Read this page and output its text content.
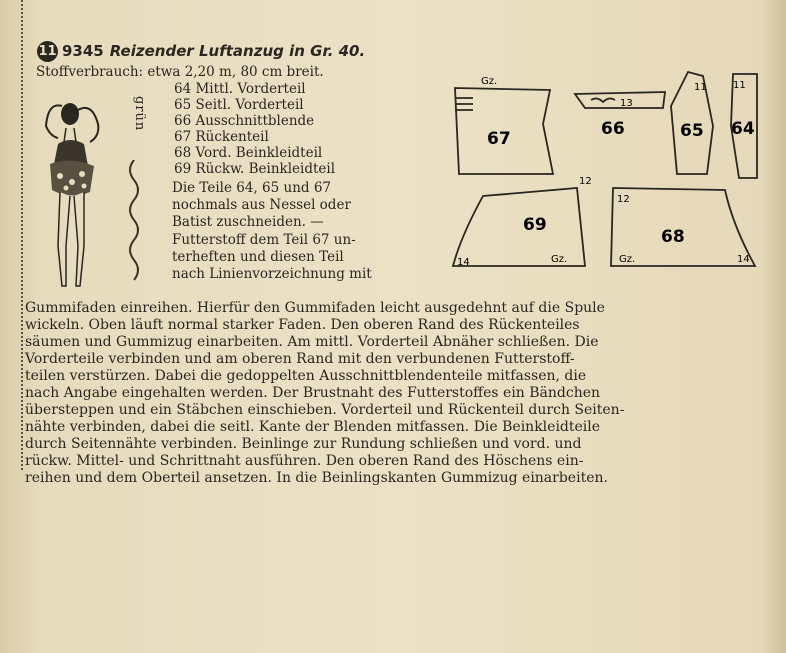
11 9345 Reizender Luftanzug in Gr. 40.
Stoffverbrauch: etwa 2,20 m, 80 cm breit.
64 Mittl. Vorderteil
65 Seitl. Vorderteil
66 Ausschnittblende
67 Rückenteil
68 Vord. Beinkleidteil
69 Rückw. Beinkleidteil
grün
Die Teile 64, 65 und 67
nochmals aus Nessel oder
Batist zuschneiden. —
Futterstoff dem Teil 67 un-
terheften und diesen Teil
nach Linienvorzeichnung mit
Gz.
67
13
66
11
65
11
64
12
14	Gz.
69
12
14
Gz.
68
Gummifaden einreihen. Hierfür den Gummifaden leicht ausgedehnt auf die Spule
wickeln. Oben läuft normal starker Faden. Den oberen Rand des Rückenteiles
säumen und Gummizug einarbeiten. Am mittl. Vorderteil Abnäher schließen. Die
Vorderteile verbinden und am oberen Rand mit den verbundenen Futterstoff-
teilen verstürzen. Dabei die gedoppelten Ausschnittblendenteile mitfassen, die
nach Angabe eingehalten werden. Der Brustnaht des Futterstoffes ein Bändchen
übersteppen und ein Stäbchen einschieben. Vorderteil und Rückenteil durch Seiten-
nähte verbinden, dabei die seitl. Kante der Blenden mitfassen. Die Beinkleidteile
durch Seitennähte verbinden. Beinlinge zur Rundung schließen und vord. und
rückw. Mittel- und Schrittnaht ausführen. Den oberen Rand des Höschens ein-
reihen und dem Oberteil ansetzen. In die Beinlingskanten Gummizug einarbeiten.
